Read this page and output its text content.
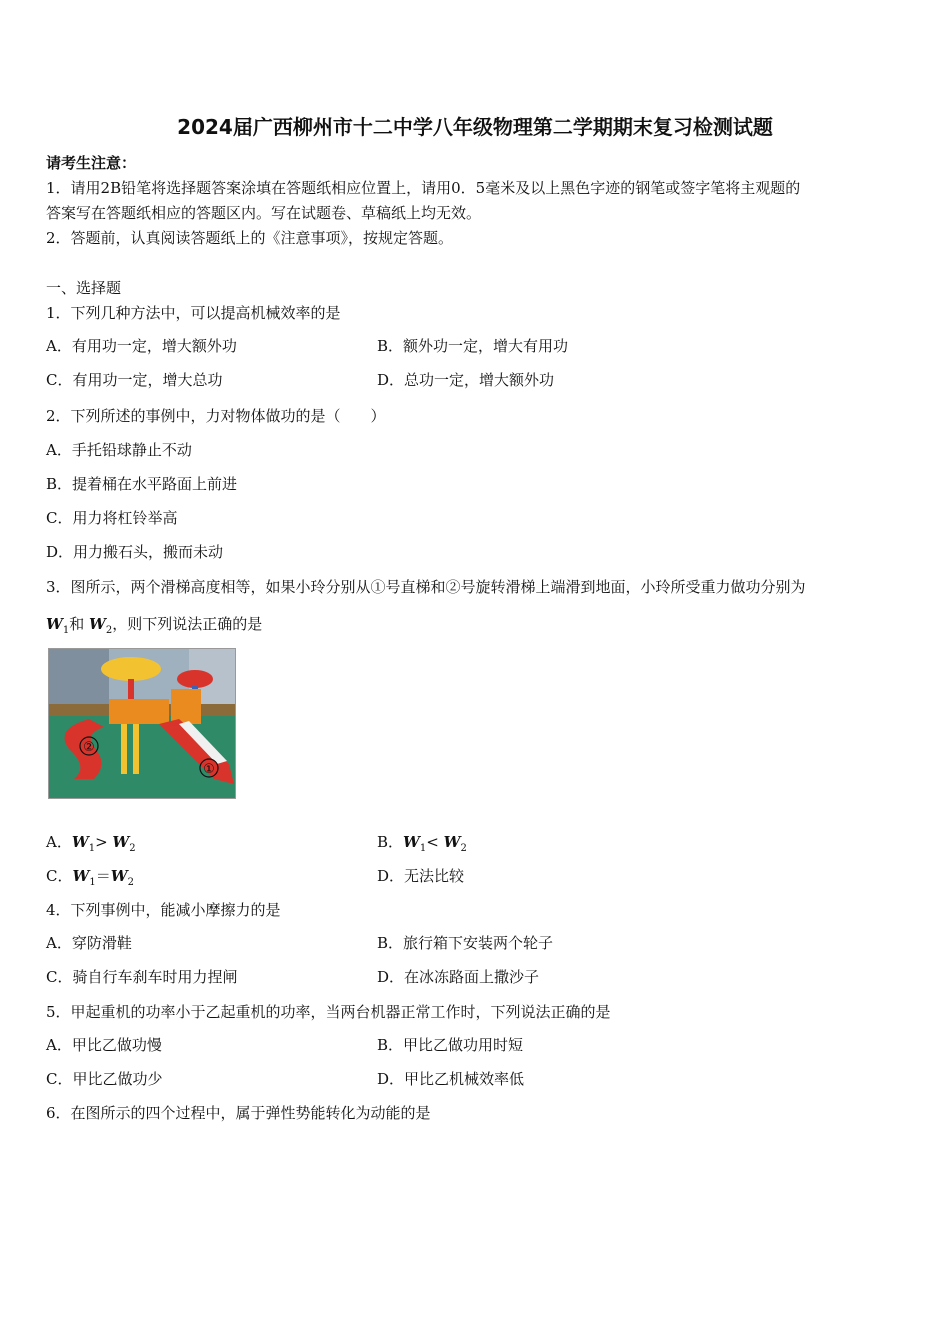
2024届广西柳州市十二中学八年级物理第二学期期末复习检测试题
请考生注意：
1．请用2B铅笔将选择题答案涂填在答题纸相应位置上，请用0．5毫米及以上黑色字迹的钢笔或签字笔将主观题的
答案写在答题纸相应的答题区内。写在试题卷、草稿纸上均无效。
2．答题前，认真阅读答题纸上的《注意事项》，按规定答题。
一、选择题
1．下列几种方法中，可以提高机械效率的是
A．有用功一定，增大额外功	B．额外功一定，增大有用功
C．有用功一定，增大总功	D．总功一定，增大额外功
2．下列所述的事例中，力对物体做功的是（　　）
A．手托铅球静止不动
B．提着桶在水平路面上前进
C．用力将杠铃举高
D．用力搬石头，搬而未动
3．图所示，两个滑梯高度相等，如果小玲分别从①号直梯和②号旋转滑梯上端滑到地面，小玲所受重力做功分别为
$W_1$和 $W_2$，则下列说法正确的是
②
①
A．$W_1> W_2$	B．$W_1< W_2$
C．$W_1=W_2$	D．无法比较
4．下列事例中，能减小摩擦力的是
A．穿防滑鞋	B．旅行箱下安装两个轮子
C．骑自行车刹车时用力捏闸	D．在冰冻路面上撒沙子
5．甲起重机的功率小于乙起重机的功率，当两台机器正常工作时，下列说法正确的是
A．甲比乙做功慢	B．甲比乙做功用时短
C．甲比乙做功少	D．甲比乙机械效率低
6．在图所示的四个过程中，属于弹性势能转化为动能的是
